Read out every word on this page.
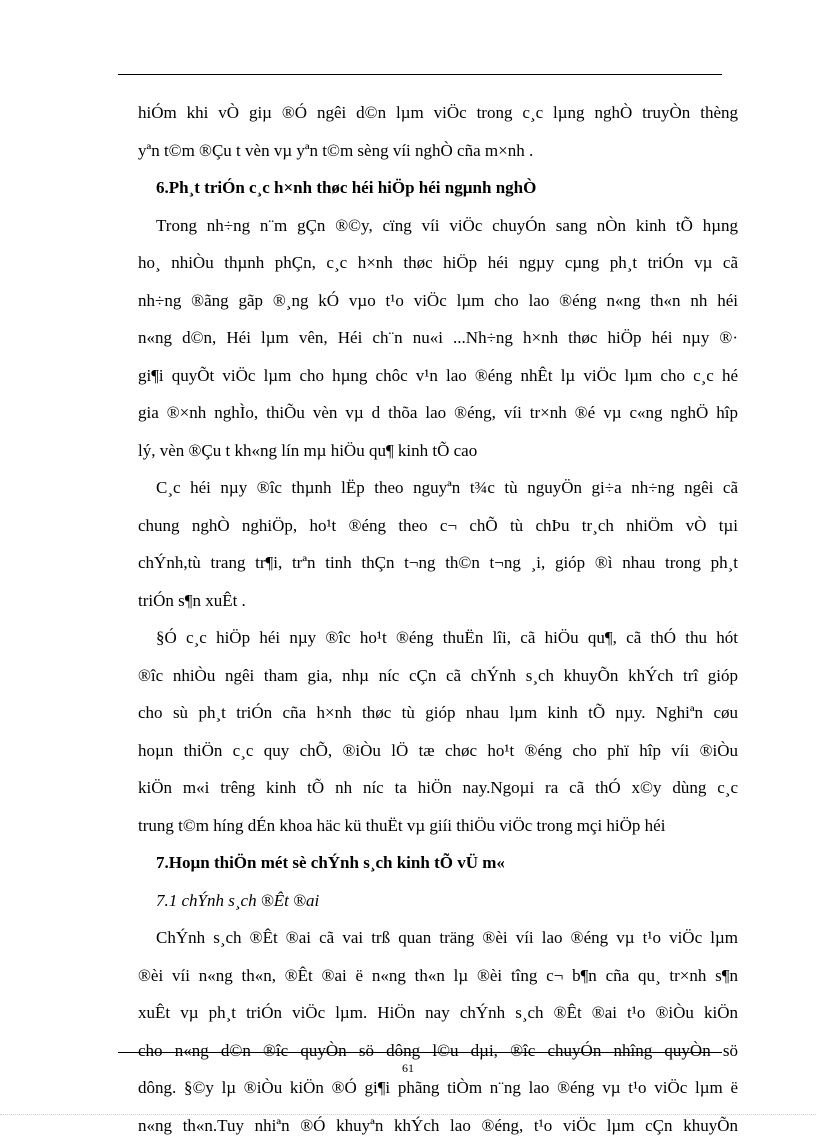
hiÓm khi vÒ giµ ®Ó ngêi d©n lµm viÖc trong c¸c lµng nghÒ truyÒn thèng
yªn t©m ®Çu t vèn vµ yªn t©m sèng víi nghÒ cña m×nh .
6.Ph¸t triÓn c¸c h×nh thøc héi hiÖp héi ngµnh nghÒ
Trong nh÷ng n¨m gÇn ®©y, cïng víi viÖc chuyÓn sang nÒn kinh tÕ hµng
ho¸ nhiÒu thµnh phÇn, c¸c h×nh thøc hiÖp héi ngµy cµng ph¸t triÓn vµ cã
nh÷ng ®ãng gãp ®¸ng kÓ vµo t¹o viÖc lµm cho lao ®éng n«ng th«n nh héi
n«ng d©n, Héi lµm vên, Héi ch¨n nu«i ...Nh÷ng h×nh thøc hiÖp héi nµy ®·
gi¶i quyÕt viÖc lµm cho hµng chôc v¹n lao ®éng nhÊt lµ viÖc lµm cho c¸c hé
gia ®×nh nghÌo, thiÕu vèn vµ d thõa lao ®éng, víi tr×nh ®é vµ c«ng nghÖ hîp
lý, vèn ®Çu t kh«ng lín mµ hiÖu qu¶ kinh tÕ cao
C¸c héi nµy ®îc thµnh lËp theo nguyªn t¾c tù nguyÖn gi÷a nh÷ng ngêi cã
chung nghÒ nghiÖp, ho¹t ®éng theo c¬ chÕ tù chÞu tr¸ch nhiÖm vÒ tµi
chÝnh,tù trang tr¶i, trªn tinh thÇn t¬ng th©n t¬ng ¸i, gióp ®ì nhau trong ph¸t
triÓn s¶n xuÊt .
§Ó c¸c hiÖp héi nµy ®îc ho¹t ®éng thuËn lîi, cã hiÖu qu¶, cã thÓ thu hót
®îc nhiÒu ngêi tham gia, nhµ níc cÇn cã chÝnh s¸ch khuyÕn khÝch trî gióp
cho sù ph¸t triÓn cña h×nh thøc tù gióp nhau lµm kinh tÕ nµy. Nghiªn cøu
hoµn thiÖn c¸c quy chÕ, ®iÒu lÖ tæ chøc ho¹t ®éng cho phï hîp víi ®iÒu
kiÖn m«i trêng kinh tÕ nh níc ta hiÖn nay.Ngoµi ra cã thÓ x©y dùng c¸c
trung t©m híng dÉn khoa häc kü thuËt vµ giíi thiÖu viÖc trong mçi hiÖp héi
7.Hoµn thiÖn mét sè chÝnh s¸ch kinh tÕ vÜ m«
7.1 chÝnh s¸ch ®Êt ®ai
ChÝnh s¸ch ®Êt ®ai cã vai trß quan träng ®èi víi lao ®éng vµ t¹o viÖc lµm
®èi víi n«ng th«n, ®Êt ®ai ë n«ng th«n lµ ®èi tîng c¬ b¶n cña qu¸ tr×nh s¶n
xuÊt vµ ph¸t triÓn viÖc lµm. HiÖn nay chÝnh s¸ch ®Êt ®ai t¹o ®iÒu kiÖn
cho n«ng d©n ®îc quyÒn sö dông l©u dµi, ®îc chuyÓn nhîng quyÒn sö
dông. §©y lµ ®iÒu kiÖn ®Ó gi¶i phãng tiÒm n¨ng lao ®éng vµ t¹o viÖc lµm ë
n«ng th«n.Tuy nhiªn ®Ó khuyªn khÝch lao ®éng, t¹o viÖc lµm cÇn khuyÕn
61
